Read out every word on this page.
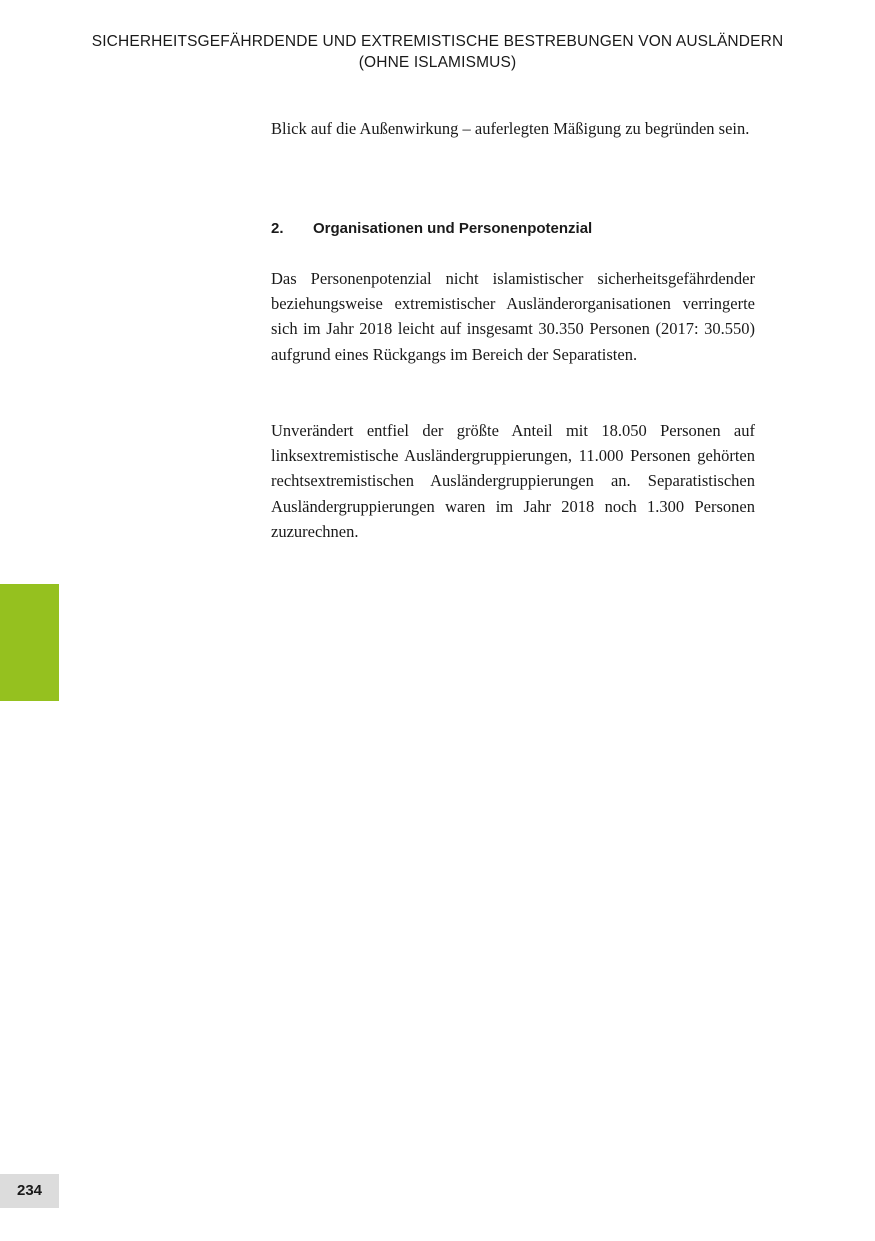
SICHERHEITSGEFÄHRDENDE UND EXTREMISTISCHE BESTREBUNGEN VON AUSLÄNDERN
(OHNE ISLAMISMUS)

Blick auf die Außenwirkung – auferlegten Mäßigung zu begründen sein.

2. Organisationen und Personenpotenzial

Das Personenpotenzial nicht islamistischer sicherheitsgefährdender beziehungsweise extremistischer Ausländerorganisationen verringerte sich im Jahr 2018 leicht auf insgesamt 30.350 Personen (2017: 30.550) aufgrund eines Rückgangs im Bereich der Separatisten.

Unverändert entfiel der größte Anteil mit 18.050 Personen auf linksextremistische Ausländergruppierungen, 11.000 Personen gehörten rechtsextremistischen Ausländergruppierungen an. Separatistischen Ausländergruppierungen waren im Jahr 2018 noch 1.300 Personen zuzurechnen.

234
